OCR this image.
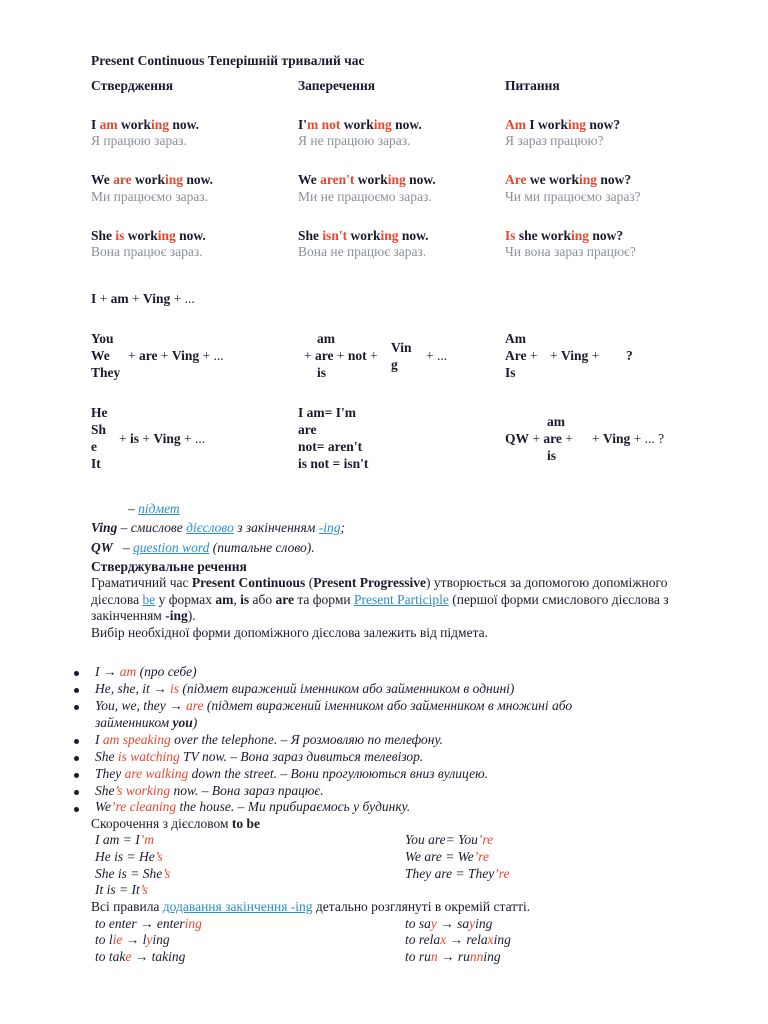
Present Continuous Теперішній тривалий час
Ствердження	Заперечення	Питання
I am working now.
Я працюю зараз.
I'm not working now.
Я не працюю зараз.
Am I working now?
Я зараз працюю?
We are working now.
Ми працюємо зараз.
We aren't working now.
Ми не працюємо зараз.
Are we working now?
Чи ми працюємо зараз?
She is working now.
Вона працює зараз.
She isn't working now.
Вона не працює зараз.
Is she working now?
Чи вона зараз працює?
I + am + Ving + ...
You
We
They
+ are + Ving + ...
am
+ are + not +
is
Vin
g
+ ...
Am
Are + + Ving + ?
Is
He
Sh
e
It
+ is + Ving + ...
I am= I'm
are
not= aren't
is not = isn't
am
QW + are + + Ving + ... ?
is
– підмет
Ving – смислове дієслово з закінченням -ing;
QW   – question word (питальне слово).
Стверджувальне речення
Граматичний час Present Continuous (Present Progressive) утворюється за допомогою допоміжного дієслова be у формах am, is або are та форми Present Participle (першої форми смислового дієслова з закінченням -ing).
Вибір необхідної форми допоміжного дієслова залежить від підмета.
I → am (про себе)
He, she, it → is (підмет виражений іменником або займенником в однині)
You, we, they → are (підмет виражений іменником або займенником в множині або
займенником you)
I am speaking over the telephone. – Я розмовляю по телефону.
She is watching TV now. – Вона зараз дивиться телевізор.
They are walking down the street. – Вони прогулюються вниз вулицею.
She’s working now. – Вона зараз працює.
We’re cleaning the house. – Ми прибираємось у будинку.
Скорочення з дієсловом to be
I am = I’m
He is = He’s
She is = She’s
It is = It’s
You are= You’re
We are = We’re
They are = They’re
Всі правила додавання закінчення -ing детально розглянуті в окремій статті.
to enter → entering
to lie → lying
to take → taking
to say → saying
to relax → relaxing
to run → running
